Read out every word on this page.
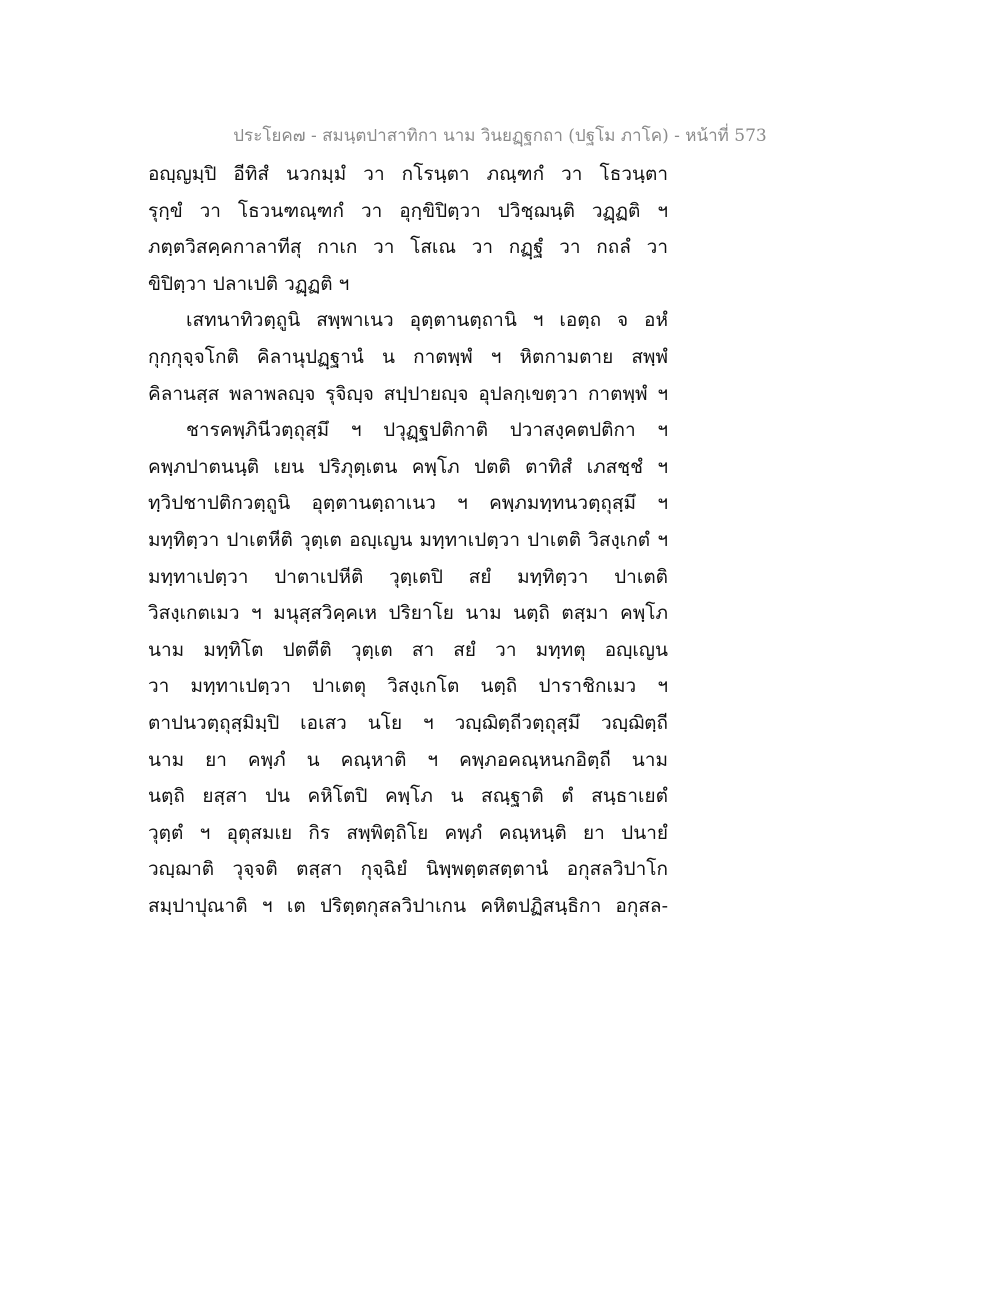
ประโยค๗ - สมนฺตปาสาทิกา นาม วินยฏฺฐกถา (ปฐโม ภาโค) - หน้าที่ 573
อญฺญมฺปิ อีทิสํ นวกมฺมํ วา กโรนฺตา ภณฺฑกํ วา โธวนฺตา
รุกฺขํ วา โธวนฑณฺฑกํ วา อุกฺขิปิตฺวา ปวิชฺฌนฺติ วฏฺฏติ ฯ
ภตฺตวิสคฺคกาลาทีสุ กาเก วา โสเณ วา กฏฺฐํ วา กถลํ วา
ขิปิตฺวา ปลาเปติ วฏฺฏติ ฯ
เสทนาทิวตฺถูนิ สพฺพาเนว อุตฺตานตฺถานิ ฯ เอตฺถ จ อหํ
กุกฺกุจฺจโกติ คิลานุปฏฺฐานํ น กาตพฺพํ ฯ หิตกามตาย สพฺพํ
คิลานสฺส พลาพลญฺจ รุจิญฺจ สปฺปายญฺจ อุปลกฺเขตฺวา กาตพฺพํ ฯ
ชารคพฺภินีวตฺถุสฺมึ ฯ ปวุฏฺฐปติกาติ ปวาสงฺคตปติกา ฯ
คพฺภปาตนนฺติ เยน ปริภุตฺเตน คพฺโภ ปตติ ตาทิสํ เภสชฺชํ ฯ
ทฺวิปชาปติกวตฺถูนิ อุตฺตานตฺถาเนว ฯ คพฺภมทฺทนวตฺถุสฺมึ ฯ
มทฺทิตฺวา ปาเตหีติ วุตฺเต อญฺเญน มทฺทาเปตฺวา ปาเตติ วิสงฺเกตํ ฯ
มทฺทาเปตฺวา ปาตาเปหีติ วุตฺเตปิ สยํ มทฺทิตฺวา ปาเตติ
วิสงฺเกตเมว ฯ มนุสฺสวิคฺคเห ปริยาโย นาม นตฺถิ ตสฺมา คพฺโภ
นาม มทฺทิโต ปตตีติ วุตฺเต สา สยํ วา มทฺทตุ อญฺเญน
วา มทฺทาเปตฺวา ปาเตตุ วิสงฺเกโต นตฺถิ ปาราชิกเมว ฯ
ตาปนวตฺถุสฺมิมฺปิ เอเสว นโย ฯ วญฺฌิตฺถีวตฺถุสฺมึ วญฺฌิตฺถี
นาม ยา คพฺภํ น คณฺหาติ ฯ คพฺภอคณฺหนกอิตฺถี นาม
นตฺถิ ยสฺสา ปน คหิโตปิ คพฺโภ น สณฺฐาติ ตํ สนฺธาเยตํ
วุตฺตํ ฯ อุตุสมเย กิร สพฺพิตฺถิโย คพฺภํ คณฺหนฺติ ยา ปนายํ
วญฺฌาติ วุจฺจติ ตสฺสา กุจฺฉิยํ นิพฺพตฺตสตฺตานํ อกุสลวิปาโก
สมฺปาปุณาติ ฯ เต ปริตฺตกุสลวิปาเกน คหิตปฏิสนฺธิกา อกุสล-
